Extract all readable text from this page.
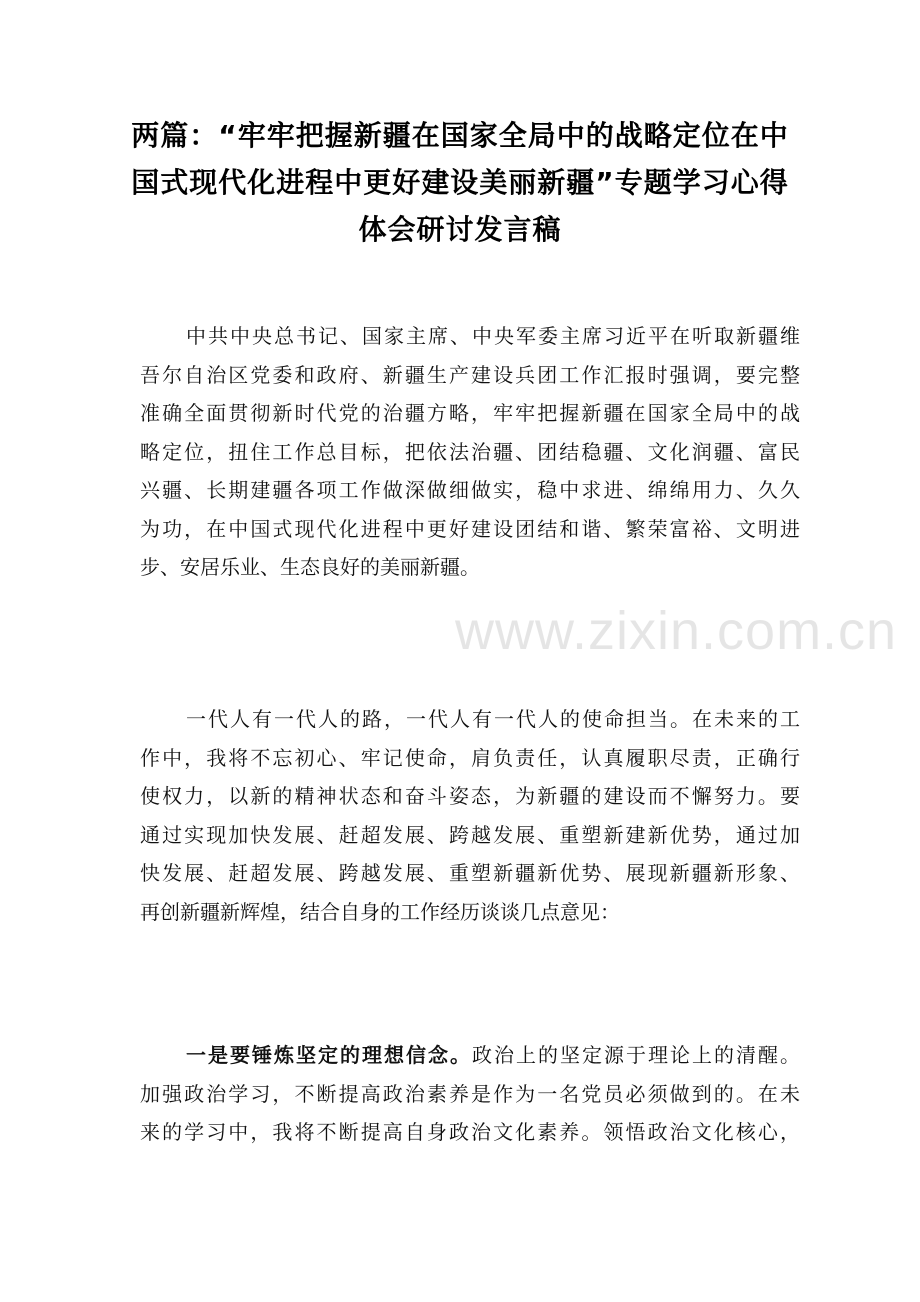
两篇：“牢牢把握新疆在国家全局中的战略定位在中
国式现代化进程中更好建设美丽新疆”专题学习心得
体会研讨发言稿
中共中央总书记、国家主席、中央军委主席习近平在听取新疆维
吾尔自治区党委和政府、新疆生产建设兵团工作汇报时强调，要完整
准确全面贯彻新时代党的治疆方略，牢牢把握新疆在国家全局中的战
略定位，扭住工作总目标，把依法治疆、团结稳疆、文化润疆、富民
兴疆、长期建疆各项工作做深做细做实，稳中求进、绵绵用力、久久
为功，在中国式现代化进程中更好建设团结和谐、繁荣富裕、文明进
步、安居乐业、生态良好的美丽新疆。
一代人有一代人的路，一代人有一代人的使命担当。在未来的工
作中，我将不忘初心、牢记使命，肩负责任，认真履职尽责，正确行
使权力，以新的精神状态和奋斗姿态，为新疆的建设而不懈努力。要
通过实现加快发展、赶超发展、跨越发展、重塑新建新优势，通过加
快发展、赶超发展、跨越发展、重塑新疆新优势、展现新疆新形象、
再创新疆新辉煌，结合自身的工作经历谈谈几点意见：
一是要锤炼坚定的理想信念。政治上的坚定源于理论上的清醒。
加强政治学习，不断提高政治素养是作为一名党员必须做到的。在未
来的学习中，我将不断提高自身政治文化素养。领悟政治文化核心，
www.zixin.com.cn
